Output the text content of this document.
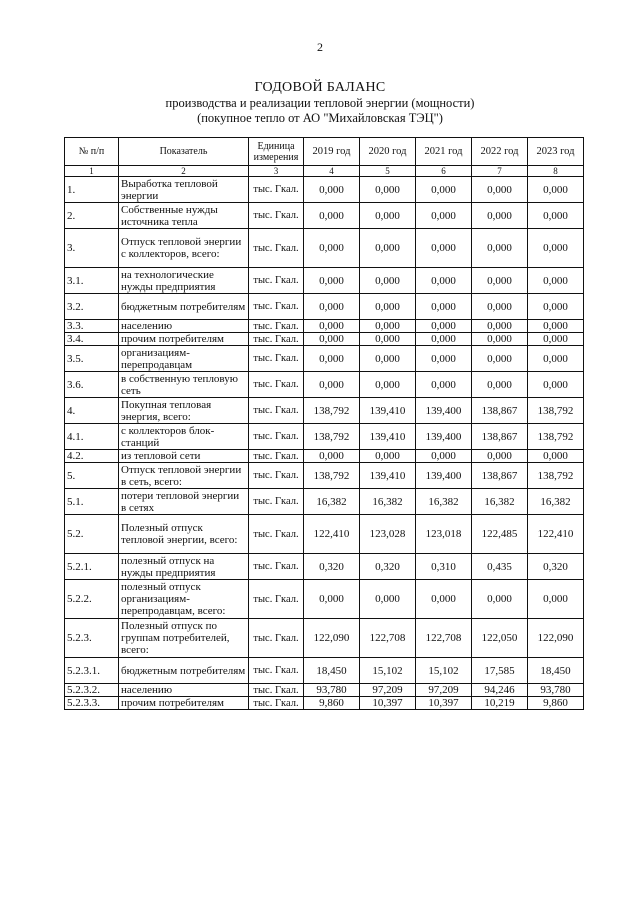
2
ГОДОВОЙ БАЛАНС
производства и реализации тепловой энергии (мощности)
(покупное тепло от АО "Михайловская ТЭЦ")
№ п/п	Показатель	Единица измерения	2019 год	2020 год	2021 год	2022 год	2023 год
1	2	3	4	5	6	7	8
1.	Выработка тепловой энергии	тыс. Гкал.	0,000	0,000	0,000	0,000	0,000
2.	Собственные нужды источника тепла	тыс. Гкал.	0,000	0,000	0,000	0,000	0,000
3.	Отпуск тепловой энергии с коллекторов, всего:	тыс. Гкал.	0,000	0,000	0,000	0,000	0,000
3.1.	на технологические нужды предприятия	тыс. Гкал.	0,000	0,000	0,000	0,000	0,000
3.2.	бюджетным потребителям	тыс. Гкал.	0,000	0,000	0,000	0,000	0,000
3.3.	населению	тыс. Гкал.	0,000	0,000	0,000	0,000	0,000
3.4.	прочим потребителям	тыс. Гкал.	0,000	0,000	0,000	0,000	0,000
3.5.	организациям-перепродавцам	тыс. Гкал.	0,000	0,000	0,000	0,000	0,000
3.6.	в собственную тепловую сеть	тыс. Гкал.	0,000	0,000	0,000	0,000	0,000
4.	Покупная тепловая энергия, всего:	тыс. Гкал.	138,792	139,410	139,400	138,867	138,792
4.1.	с коллекторов блок-станций	тыс. Гкал.	138,792	139,410	139,400	138,867	138,792
4.2.	из тепловой сети	тыс. Гкал.	0,000	0,000	0,000	0,000	0,000
5.	Отпуск тепловой энергии в сеть, всего:	тыс. Гкал.	138,792	139,410	139,400	138,867	138,792
5.1.	потери тепловой энергии в сетях	тыс. Гкал.	16,382	16,382	16,382	16,382	16,382
5.2.	Полезный отпуск тепловой энергии, всего:	тыс. Гкал.	122,410	123,028	123,018	122,485	122,410
5.2.1.	полезный отпуск на нужды предприятия	тыс. Гкал.	0,320	0,320	0,310	0,435	0,320
5.2.2.	полезный отпуск организациям-перепродавцам, всего:	тыс. Гкал.	0,000	0,000	0,000	0,000	0,000
5.2.3.	Полезный отпуск по группам потребителей, всего:	тыс. Гкал.	122,090	122,708	122,708	122,050	122,090
5.2.3.1.	бюджетным потребителям	тыс. Гкал.	18,450	15,102	15,102	17,585	18,450
5.2.3.2.	населению	тыс. Гкал.	93,780	97,209	97,209	94,246	93,780
5.2.3.3.	прочим потребителям	тыс. Гкал.	9,860	10,397	10,397	10,219	9,860
